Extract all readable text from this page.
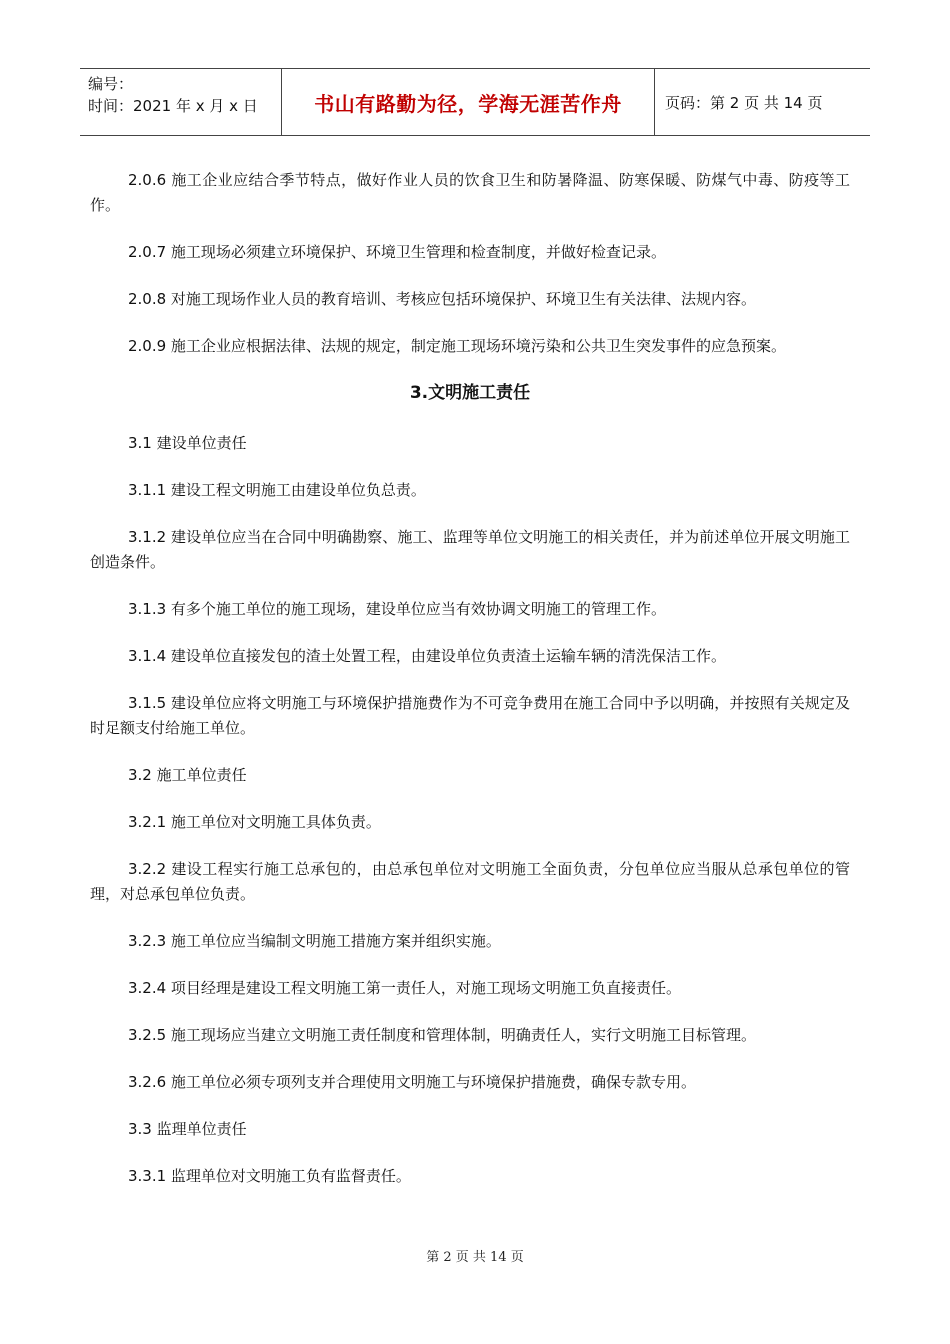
编号：
时间：2021 年 x 月 x 日	书山有路勤为径，学海无涯苦作舟	页码：第 2 页 共 14 页

2.0.6 施工企业应结合季节特点，做好作业人员的饮食卫生和防暑降温、防寒保暖、防煤气中毒、防疫等工作。

2.0.7 施工现场必须建立环境保护、环境卫生管理和检查制度，并做好检查记录。

2.0.8 对施工现场作业人员的教育培训、考核应包括环境保护、环境卫生有关法律、法规内容。

2.0.9 施工企业应根据法律、法规的规定，制定施工现场环境污染和公共卫生突发事件的应急预案。

3.文明施工责任

3.1 建设单位责任

3.1.1 建设工程文明施工由建设单位负总责。

3.1.2 建设单位应当在合同中明确勘察、施工、监理等单位文明施工的相关责任，并为前述单位开展文明施工创造条件。

3.1.3 有多个施工单位的施工现场，建设单位应当有效协调文明施工的管理工作。

3.1.4 建设单位直接发包的渣土处置工程，由建设单位负责渣土运输车辆的清洗保洁工作。

3.1.5 建设单位应将文明施工与环境保护措施费作为不可竞争费用在施工合同中予以明确，并按照有关规定及时足额支付给施工单位。

3.2 施工单位责任

3.2.1 施工单位对文明施工具体负责。

3.2.2 建设工程实行施工总承包的，由总承包单位对文明施工全面负责，分包单位应当服从总承包单位的管理，对总承包单位负责。

3.2.3 施工单位应当编制文明施工措施方案并组织实施。

3.2.4 项目经理是建设工程文明施工第一责任人，对施工现场文明施工负直接责任。

3.2.5 施工现场应当建立文明施工责任制度和管理体制，明确责任人，实行文明施工目标管理。

3.2.6 施工单位必须专项列支并合理使用文明施工与环境保护措施费，确保专款专用。

3.3 监理单位责任

3.3.1 监理单位对文明施工负有监督责任。

第 2 页 共 14 页
